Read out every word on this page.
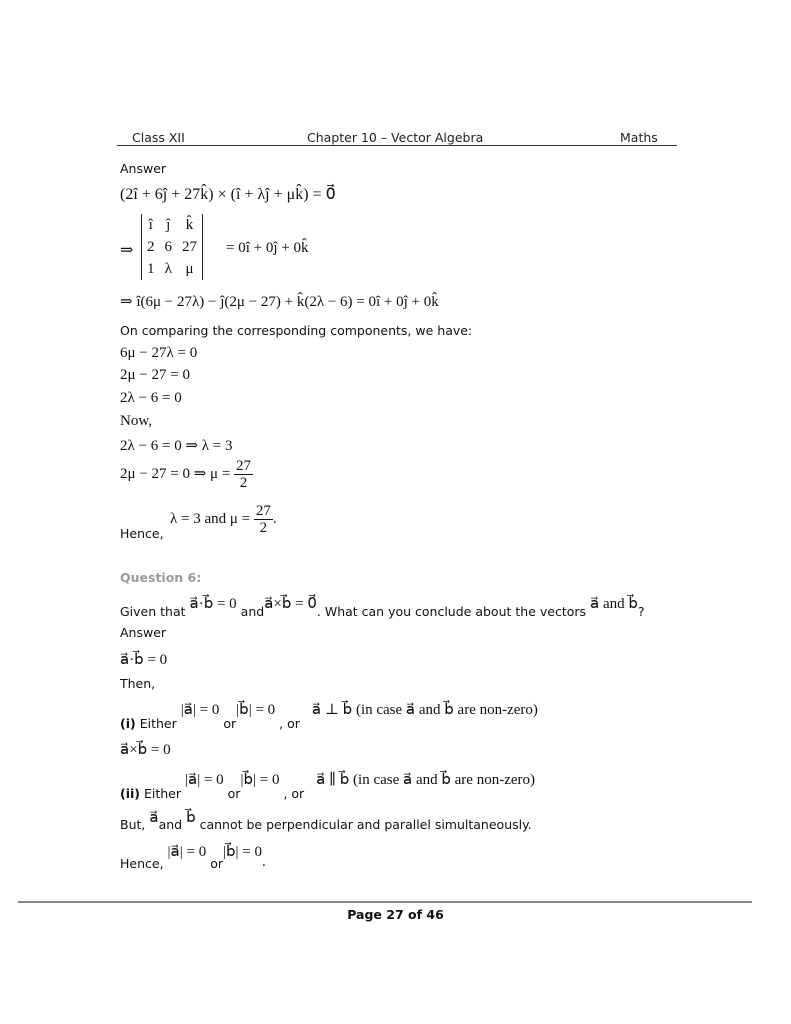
Class XII	Chapter 10 – Vector Algebra	Maths
Answer
(2î + 6ĵ + 27k̂) × (î + λĵ + μk̂) = 0⃗
⇒
î	ĵ	k̂
2	6	27
1	λ	μ
= 0î + 0ĵ + 0k̂
⇒ î(6μ − 27λ) − ĵ(2μ − 27) + k̂(2λ − 6) = 0î + 0ĵ + 0k̂
On comparing the corresponding components, we have:
6μ − 27λ = 0
2μ − 27 = 0
2λ − 6 = 0
Now,
2λ − 6 = 0 ⇒ λ = 3
2μ − 27 = 0 ⇒ $\mu = \frac{27}{2}$
Hence,
λ = 3 and $\mu = \frac{27}{2}$ .
Question 6:
Given that a⃗·b⃗ = 0 anda⃗×b⃗ = 0⃗. What can you conclude about the vectors a⃗ and b⃗?
Answer
a⃗·b⃗ = 0
Then,
(i) Either |a⃗| = 0 or|b⃗| = 0 , or a⃗ ⊥ b⃗ (in case a⃗ and b⃗ are non-zero)
a⃗×b⃗ = 0
(ii) Either |a⃗| = 0 or|b⃗| = 0 , or a⃗ ∥ b⃗ (in case a⃗ and b⃗ are non-zero)
But, a⃗and b⃗ cannot be perpendicular and parallel simultaneously.
Hence, |a⃗| = 0 or|b⃗| = 0.
Page 27 of 46
